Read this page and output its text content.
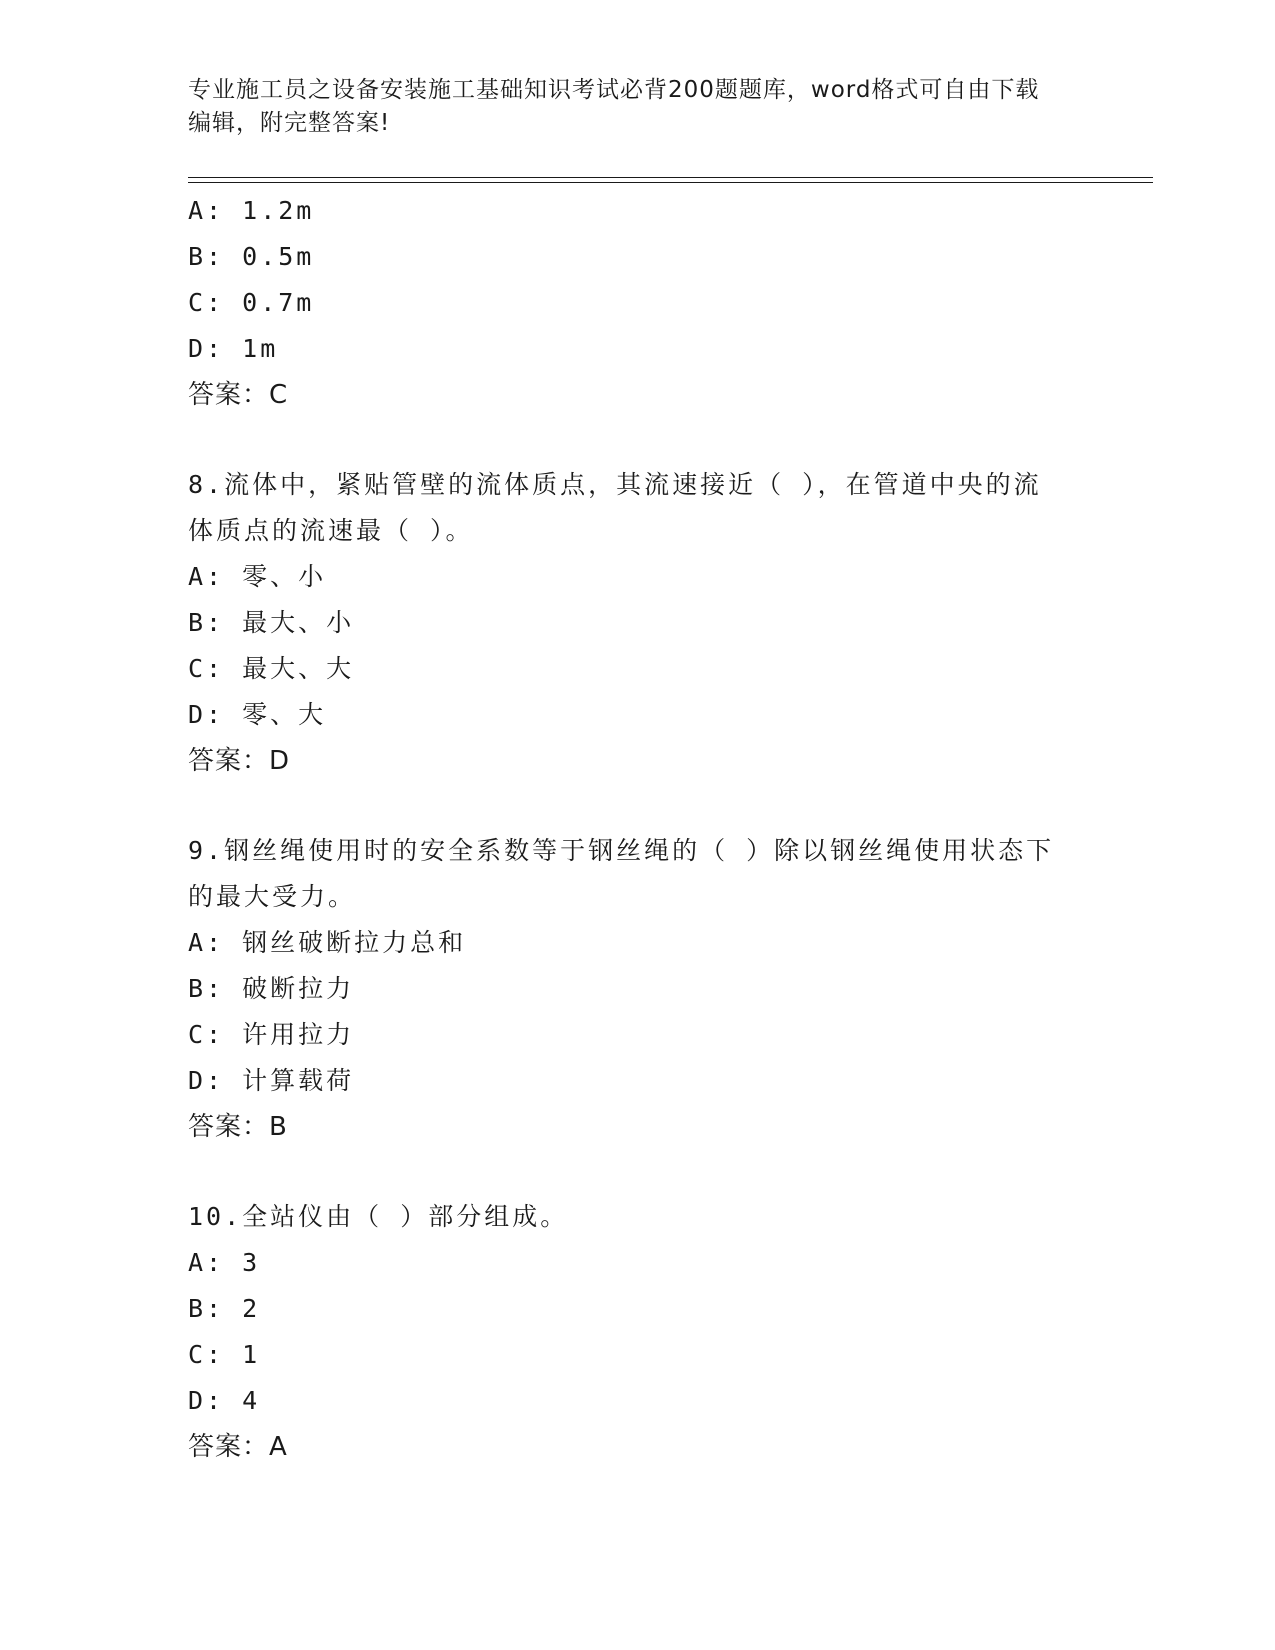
专业施工员之设备安装施工基础知识考试必背200题题库，word格式可自由下载
编辑，附完整答案!
A: 1.2m
B: 0.5m
C: 0.7m
D: 1m
答案：C
8.流体中，紧贴管壁的流体质点，其流速接近（ ），在管道中央的流
体质点的流速最（ ）。
A: 零、小
B: 最大、小
C: 最大、大
D: 零、大
答案：D
9.钢丝绳使用时的安全系数等于钢丝绳的（ ）除以钢丝绳使用状态下
的最大受力。
A: 钢丝破断拉力总和
B: 破断拉力
C: 许用拉力
D: 计算载荷
答案：B
10.全站仪由（ ）部分组成。
A: 3
B: 2
C: 1
D: 4
答案：A
